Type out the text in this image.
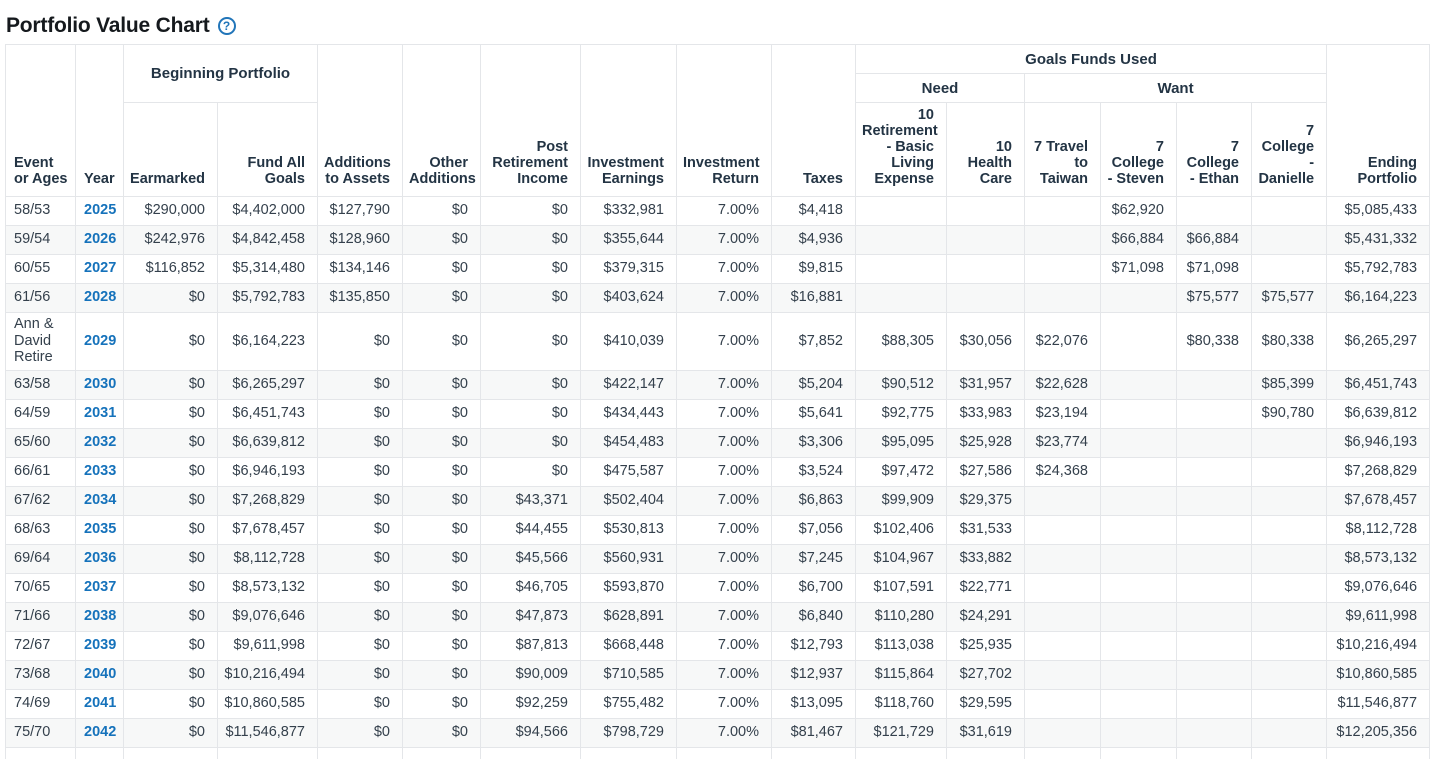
Portfolio Value Chart	?
Event or Ages	Year	Beginning Portfolio		Additions to Assets	Other Additions	Post Retirement Income	Investment Earnings	Investment Return	Taxes	Goals Funds Used						Ending Portfolio
										Need		Want				
		Earmarked	Fund All Goals							10 Retirement - Basic Living Expense	10 Health Care	7 Travel to Taiwan	7 College - Steven	7 College - Ethan	7 College - Danielle	
58/53	2025	$290,000	$4,402,000	$127,790	$0	$0	$332,981	7.00%	$4,418				$62,920			$5,085,433
59/54	2026	$242,976	$4,842,458	$128,960	$0	$0	$355,644	7.00%	$4,936				$66,884	$66,884		$5,431,332
60/55	2027	$116,852	$5,314,480	$134,146	$0	$0	$379,315	7.00%	$9,815				$71,098	$71,098		$5,792,783
61/56	2028	$0	$5,792,783	$135,850	$0	$0	$403,624	7.00%	$16,881					$75,577	$75,577	$6,164,223
Ann & David Retire	2029	$0	$6,164,223	$0	$0	$0	$410,039	7.00%	$7,852	$88,305	$30,056	$22,076		$80,338	$80,338	$6,265,297
63/58	2030	$0	$6,265,297	$0	$0	$0	$422,147	7.00%	$5,204	$90,512	$31,957	$22,628			$85,399	$6,451,743
64/59	2031	$0	$6,451,743	$0	$0	$0	$434,443	7.00%	$5,641	$92,775	$33,983	$23,194			$90,780	$6,639,812
65/60	2032	$0	$6,639,812	$0	$0	$0	$454,483	7.00%	$3,306	$95,095	$25,928	$23,774				$6,946,193
66/61	2033	$0	$6,946,193	$0	$0	$0	$475,587	7.00%	$3,524	$97,472	$27,586	$24,368				$7,268,829
67/62	2034	$0	$7,268,829	$0	$0	$43,371	$502,404	7.00%	$6,863	$99,909	$29,375					$7,678,457
68/63	2035	$0	$7,678,457	$0	$0	$44,455	$530,813	7.00%	$7,056	$102,406	$31,533					$8,112,728
69/64	2036	$0	$8,112,728	$0	$0	$45,566	$560,931	7.00%	$7,245	$104,967	$33,882					$8,573,132
70/65	2037	$0	$8,573,132	$0	$0	$46,705	$593,870	7.00%	$6,700	$107,591	$22,771					$9,076,646
71/66	2038	$0	$9,076,646	$0	$0	$47,873	$628,891	7.00%	$6,840	$110,280	$24,291					$9,611,998
72/67	2039	$0	$9,611,998	$0	$0	$87,813	$668,448	7.00%	$12,793	$113,038	$25,935					$10,216,494
73/68	2040	$0	$10,216,494	$0	$0	$90,009	$710,585	7.00%	$12,937	$115,864	$27,702					$10,860,585
74/69	2041	$0	$10,860,585	$0	$0	$92,259	$755,482	7.00%	$13,095	$118,760	$29,595					$11,546,877
75/70	2042	$0	$11,546,877	$0	$0	$94,566	$798,729	7.00%	$81,467	$121,729	$31,619					$12,205,356
